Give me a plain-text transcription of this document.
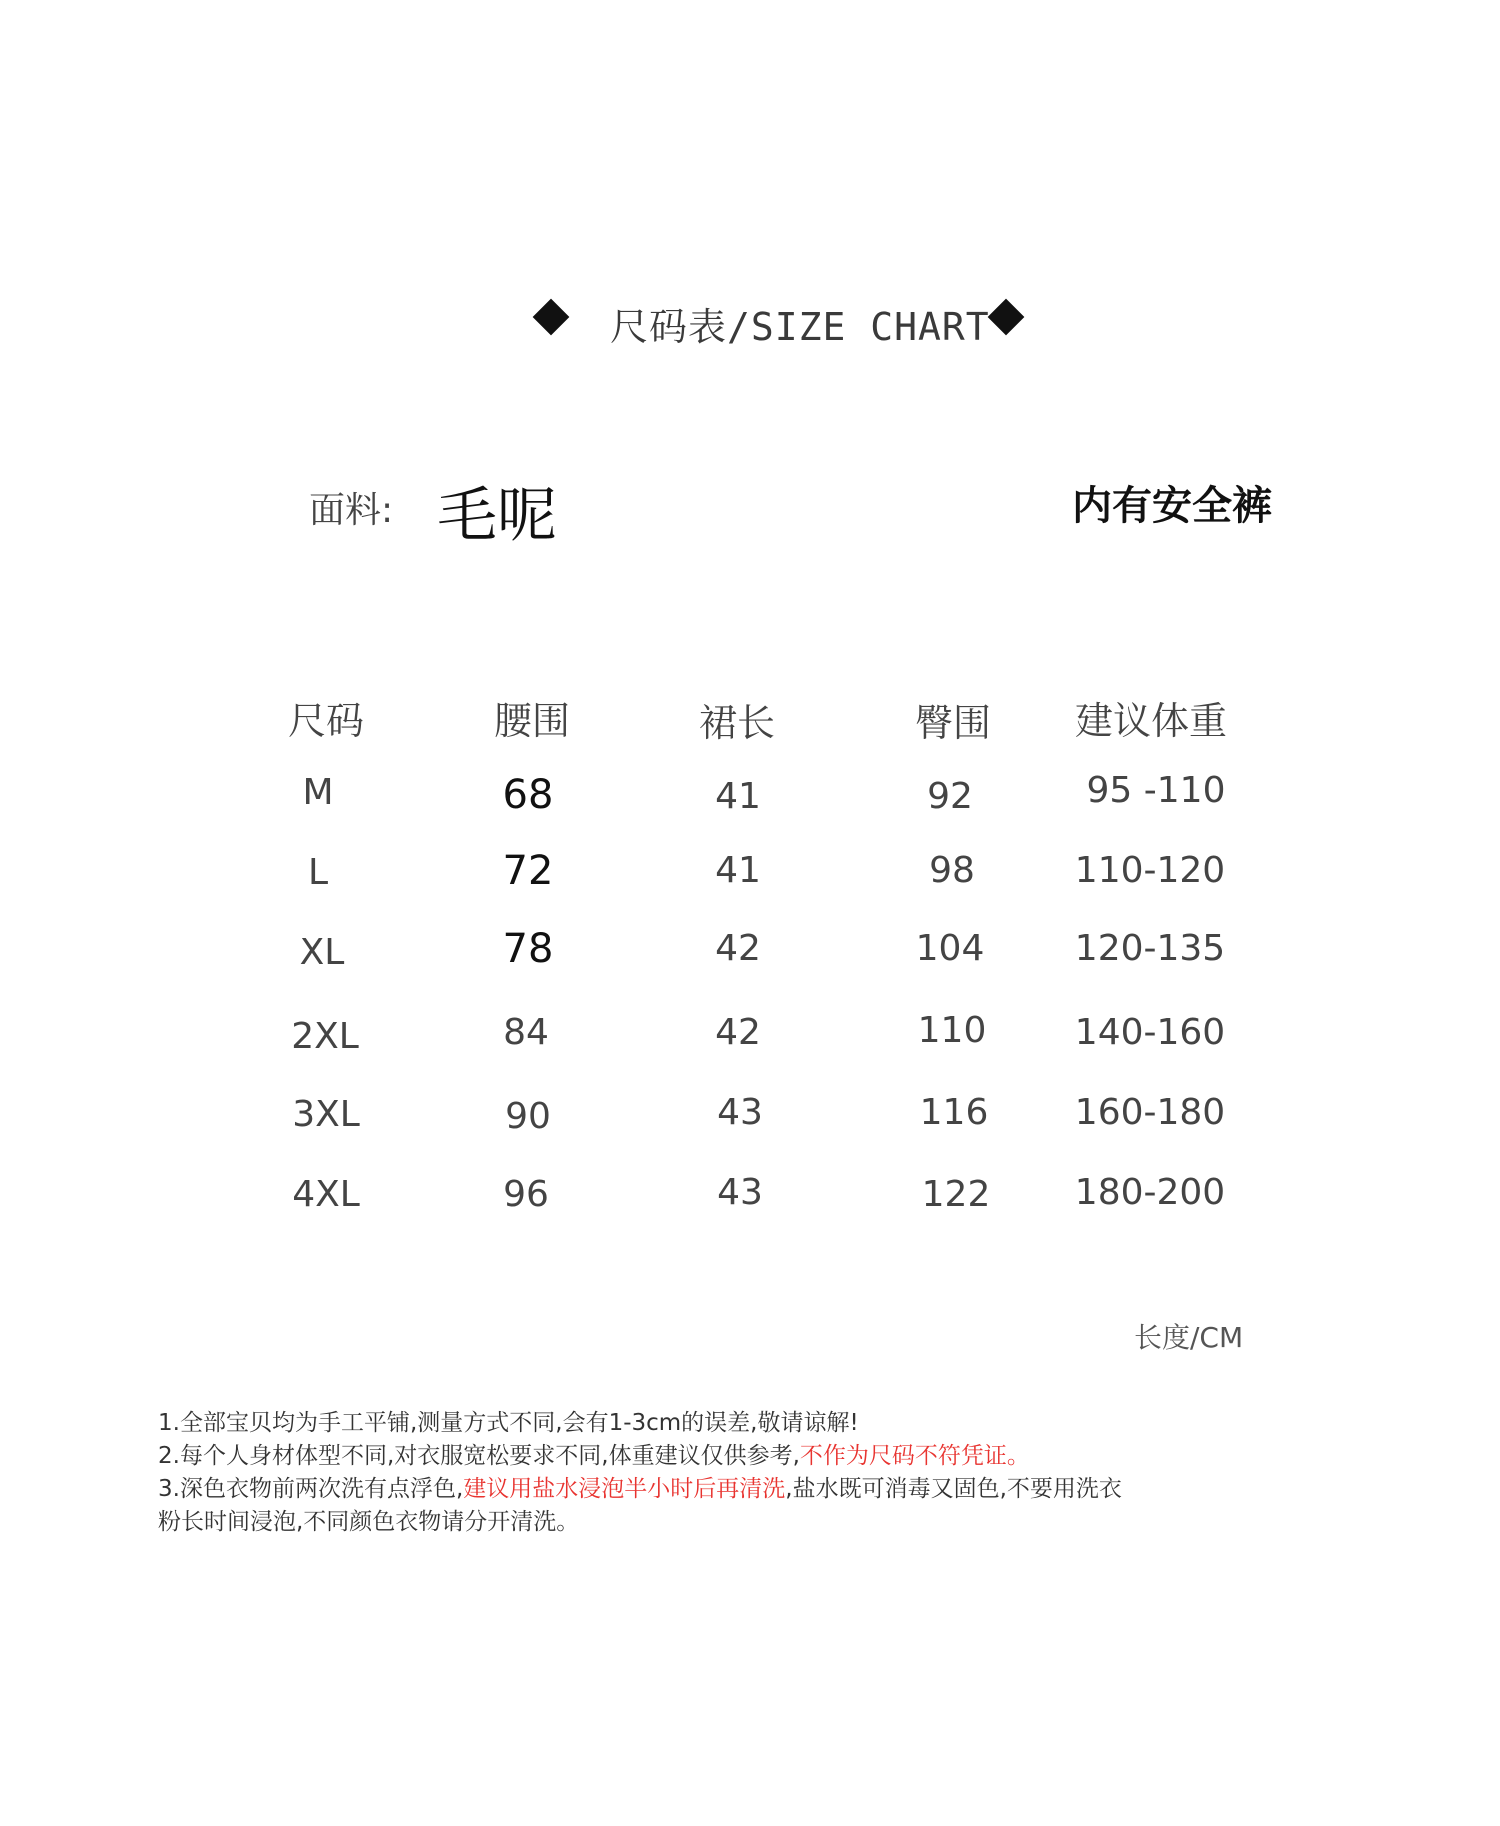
尺码表/SIZE CHART
面料: 毛呢	内有安全裤
尺码	腰围	裙长	臀围 建议体重
M	68	41	92	95 -110
L	72	41	98	110-120
XL	78	42	104	120-135
2XL	84	42	110 140-160
3XL	90	43	116 160-180
4XL	96	43	122 180-200
长度/CM
1.全部宝贝均为手工平铺,测量方式不同,会有1-3cm的误差,敬请谅解!
2.每个人身材体型不同,对衣服宽松要求不同,体重建议仅供参考,不作为尺码不符凭证。
3.深色衣物前两次洗有点浮色,建议用盐水浸泡半小时后再清洗,盐水既可消毒又固色,不要用洗衣
粉长时间浸泡,不同颜色衣物请分开清洗。
